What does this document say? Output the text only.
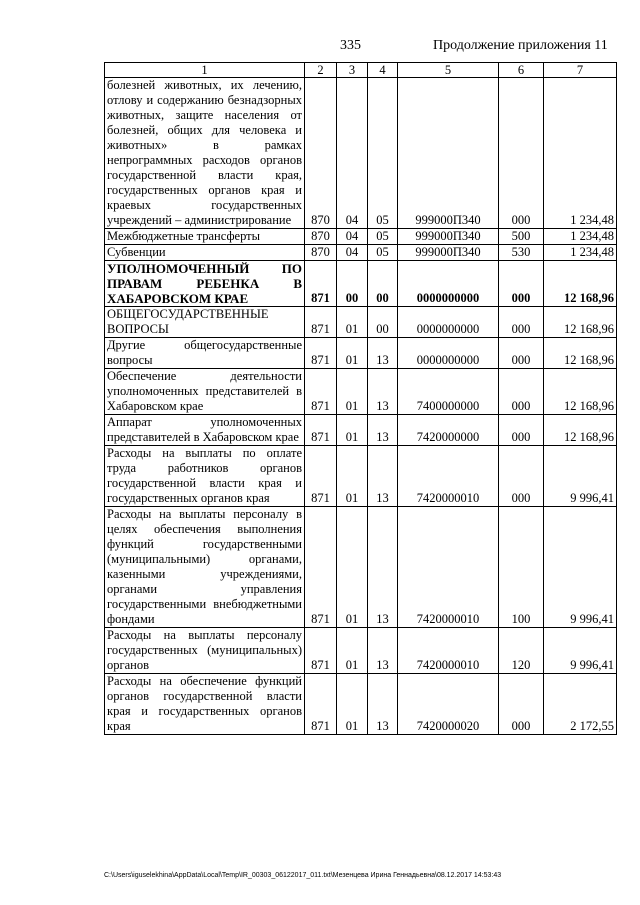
335	Продолжение приложения 11
1	2	3	4	5	6	7
болезней животных, их лечению, отлову и содержанию безнадзорных животных, защите населения от болезней, общих для человека и животных» в рамках непрограммных расходов органов государственной власти края, государственных органов края и краевых государственных учреждений – администрирование	870	04	05	999000П340	000	1 234,48
Межбюджетные трансферты	870	04	05	999000П340	500	1 234,48
Субвенции	870	04	05	999000П340	530	1 234,48
УПОЛНОМОЧЕННЫЙ ПО ПРАВАМ РЕБЕНКА В ХАБАРОВСКОМ КРАЕ	871	00	00	0000000000	000	12 168,96
ОБЩЕГОСУДАРСТВЕННЫЕ ВОПРОСЫ	871	01	00	0000000000	000	12 168,96
Другие общегосударственные вопросы	871	01	13	0000000000	000	12 168,96
Обеспечение деятельности уполномоченных представителей в Хабаровском крае	871	01	13	7400000000	000	12 168,96
Аппарат уполномоченных представителей в Хабаровском крае	871	01	13	7420000000	000	12 168,96
Расходы на выплаты по оплате труда работников органов государственной власти края и государственных органов края	871	01	13	7420000010	000	9 996,41
Расходы на выплаты персоналу в целях обеспечения выполнения функций государственными (муниципальными) органами, казенными учреждениями, органами управления государственными внебюджетными фондами	871	01	13	7420000010	100	9 996,41
Расходы на выплаты персоналу государственных (муниципальных) органов	871	01	13	7420000010	120	9 996,41
Расходы на обеспечение функций органов государственной власти края и государственных органов края	871	01	13	7420000020	000	2 172,55
C:\Users\iguselekhina\AppData\Local\Temp\IR_00303_06122017_011.txt\Мезенцева Ирина Геннадьевна\08.12.2017 14:53:43
